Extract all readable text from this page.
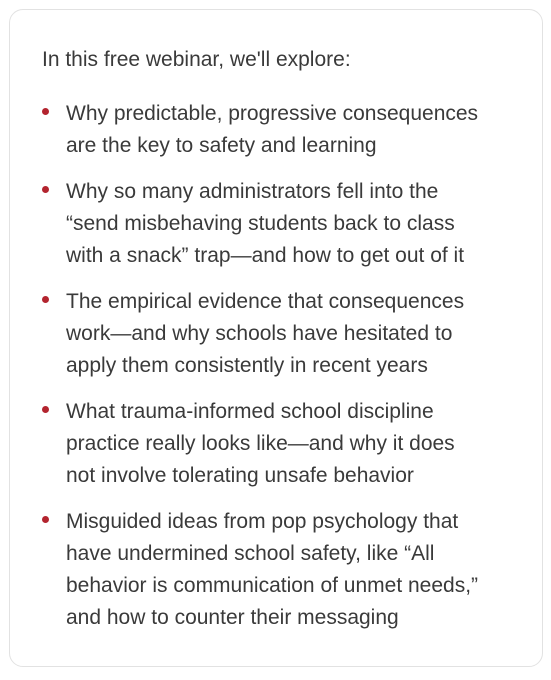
In this free webinar, we'll explore:

Why predictable, progressive consequences
are the key to safety and learning
Why so many administrators fell into the
“send misbehaving students back to class
with a snack” trap—and how to get out of it
The empirical evidence that consequences
work—and why schools have hesitated to
apply them consistently in recent years
What trauma-informed school discipline
practice really looks like—and why it does
not involve tolerating unsafe behavior
Misguided ideas from pop psychology that
have undermined school safety, like “All
behavior is communication of unmet needs,”
and how to counter their messaging
